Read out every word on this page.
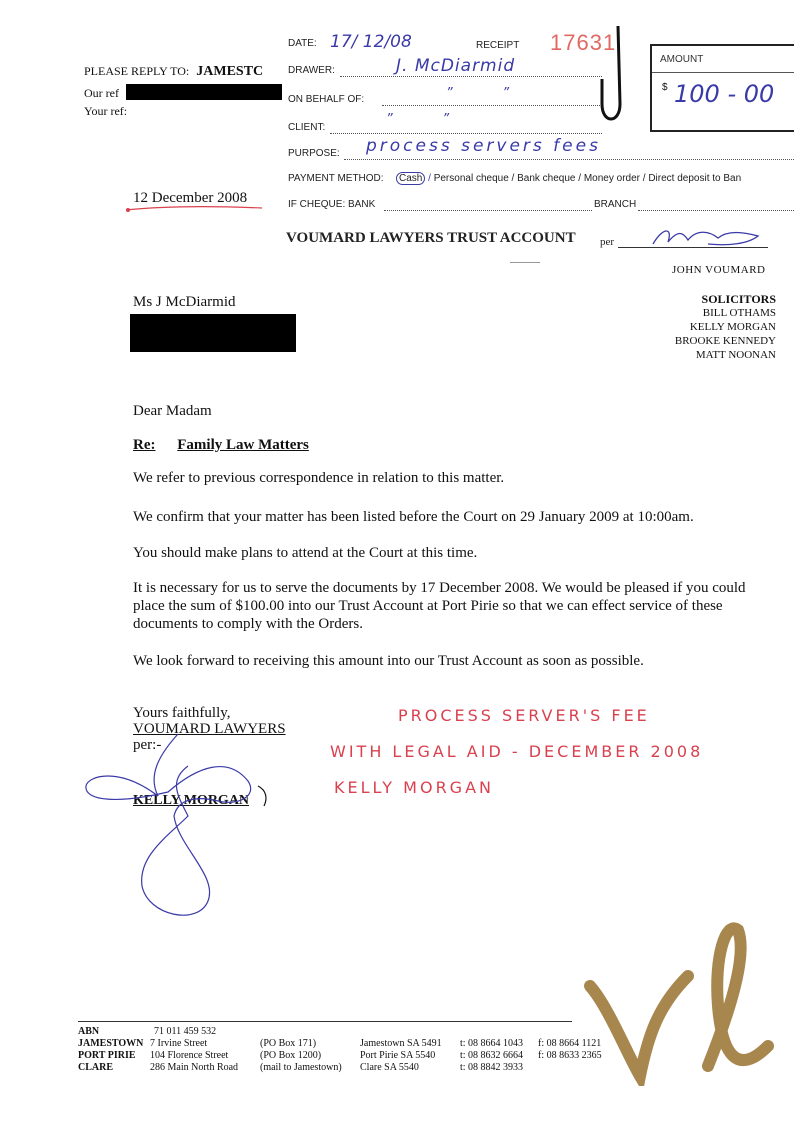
DATE: 17/ 12/08	RECEIPT 17631
DRAWER:	J. McDiarmid
ON BEHALF OF:	”            ”
CLIENT:
”            ”
PURPOSE: process servers fees
PAYMENT METHOD:	Cash / Personal cheque / Bank cheque / Money order / Direct deposit to Ban
IF CHEQUE: BANK	BRANCH
VOUMARD LAWYERS TRUST ACCOUNT per
AMOUNT
$ 100 - 00
PLEASE REPLY TO: JAMESTC
Our ref
Your ref:
12 December 2008
JOHN VOUMARD
SOLICITORS
BILL OTHAMS
KELLY MORGAN
BROOKE KENNEDY
MATT NOONAN
Ms J McDiarmid
Dear Madam
Re: Family Law Matters

We refer to previous correspondence in relation to this matter.

We confirm that your matter has been listed before the Court on 29 January 2009 at 10:00am.

You should make plans to attend at the Court at this time.

It is necessary for us to serve the documents by 17 December 2008. We would be pleased if you could place the sum of $100.00 into our Trust Account at Port Pirie so that we can effect service of these documents to comply with the Orders.

We look forward to receiving this amount into our Trust Account as soon as possible.

Yours faithfully,
VOUMARD LAWYERS
per:-
KELLY MORGAN
PROCESS SERVER'S FEE
WITH LEGAL AID - DECEMBER 2008
KELLY MORGAN
ABN	71 011 459 532
JAMESTOWN 7 Irvine Street	(PO Box 171)	Jamestown SA 5491 t: 08 8664 1043 f: 08 8664 1121
PORT PIRIE 104 Florence Street	(PO Box 1200)	Port Pirie SA 5540 t: 08 8632 6664 f: 08 8633 2365
CLARE	286 Main North Road (mail to Jamestown) Clare SA 5540	t: 08 8842 3933
